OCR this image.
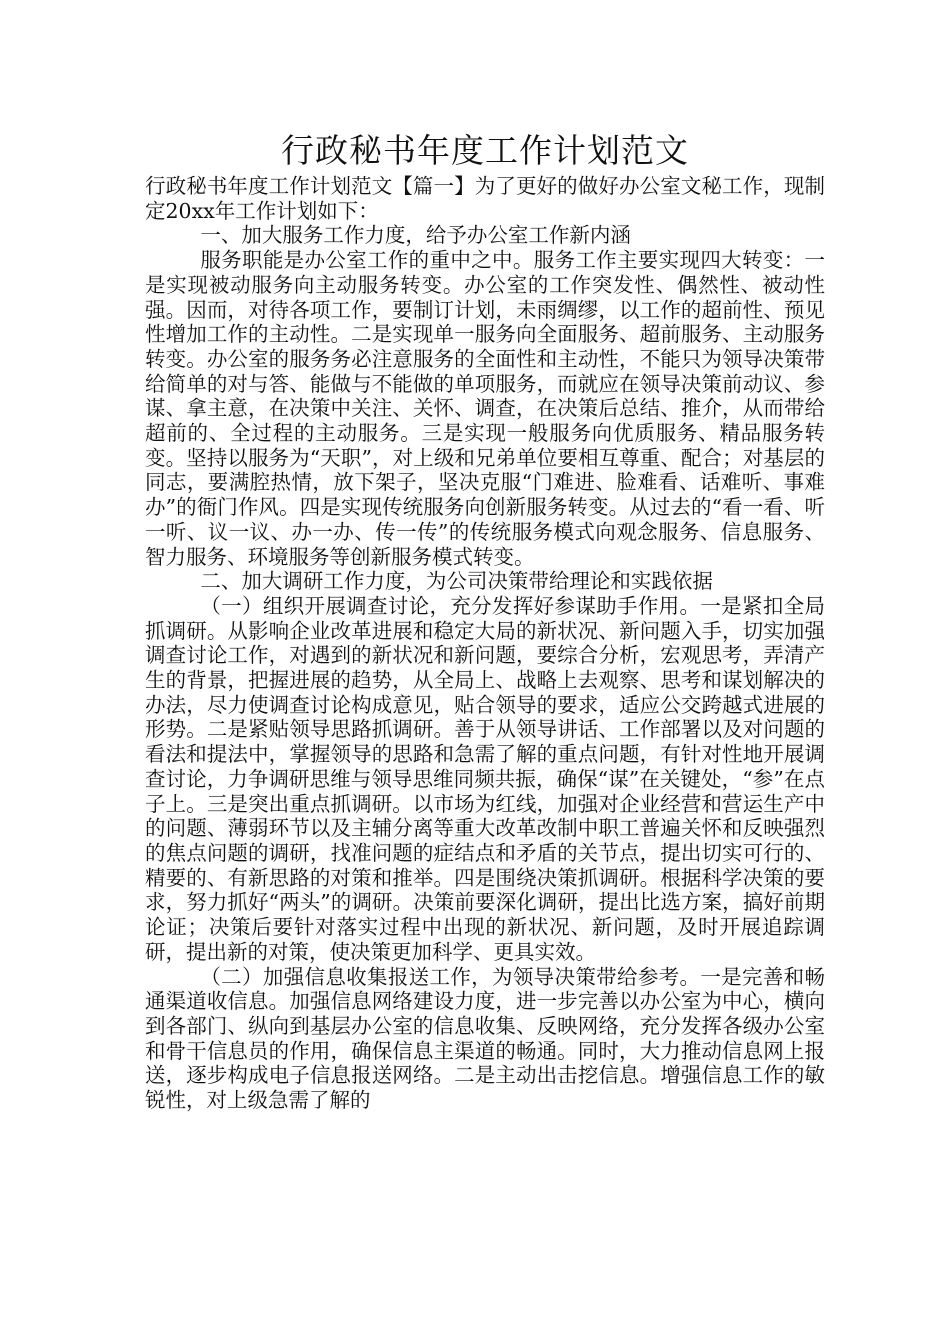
行政秘书年度工作计划范文

行政秘书年度工作计划范文【篇一】为了更好的做好办公室文秘工作，现制定20xx年工作计划如下：

一、加大服务工作力度，给予办公室工作新内涵

服务职能是办公室工作的重中之中。服务工作主要实现四大转变：一是实现被动服务向主动服务转变。办公室的工作突发性、偶然性、被动性强。因而，对待各项工作，要制订计划，未雨绸缪，以工作的超前性、预见性增加工作的主动性。二是实现单一服务向全面服务、超前服务、主动服务转变。办公室的服务务必注意服务的全面性和主动性，不能只为领导决策带给简单的对与答、能做与不能做的单项服务，而就应在领导决策前动议、参谋、拿主意，在决策中关注、关怀、调查，在决策后总结、推介，从而带给超前的、全过程的主动服务。三是实现一般服务向优质服务、精品服务转变。坚持以服务为“天职”，对上级和兄弟单位要相互尊重、配合；对基层的同志，要满腔热情，放下架子，坚决克服“门难进、脸难看、话难听、事难办”的衙门作风。四是实现传统服务向创新服务转变。从过去的“看一看、听一听、议一议、办一办、传一传”的传统服务模式向观念服务、信息服务、智力服务、环境服务等创新服务模式转变。

二、加大调研工作力度，为公司决策带给理论和实践依据

（一）组织开展调查讨论，充分发挥好参谋助手作用。一是紧扣全局抓调研。从影响企业改革进展和稳定大局的新状况、新问题入手，切实加强调查讨论工作，对遇到的新状况和新问题，要综合分析，宏观思考，弄清产生的背景，把握进展的趋势，从全局上、战略上去观察、思考和谋划解决的办法，尽力使调查讨论构成意见，贴合领导的要求，适应公交跨越式进展的形势。二是紧贴领导思路抓调研。善于从领导讲话、工作部署以及对问题的看法和提法中，掌握领导的思路和急需了解的重点问题，有针对性地开展调查讨论，力争调研思维与领导思维同频共振，确保“谋”在关键处，“参”在点子上。三是突出重点抓调研。以市场为红线，加强对企业经营和营运生产中的问题、薄弱环节以及主辅分离等重大改革改制中职工普遍关怀和反映强烈的焦点问题的调研，找准问题的症结点和矛盾的关节点，提出切实可行的、精要的、有新思路的对策和推举。四是围绕决策抓调研。根据科学决策的要求，努力抓好“两头”的调研。决策前要深化调研，提出比选方案，搞好前期论证；决策后要针对落实过程中出现的新状况、新问题，及时开展追踪调研，提出新的对策，使决策更加科学、更具实效。

（二）加强信息收集报送工作，为领导决策带给参考。一是完善和畅通渠道收信息。加强信息网络建设力度，进一步完善以办公室为中心，横向到各部门、纵向到基层办公室的信息收集、反映网络，充分发挥各级办公室和骨干信息员的作用，确保信息主渠道的畅通。同时，大力推动信息网上报送，逐步构成电子信息报送网络。二是主动出击挖信息。增强信息工作的敏锐性，对上级急需了解的
